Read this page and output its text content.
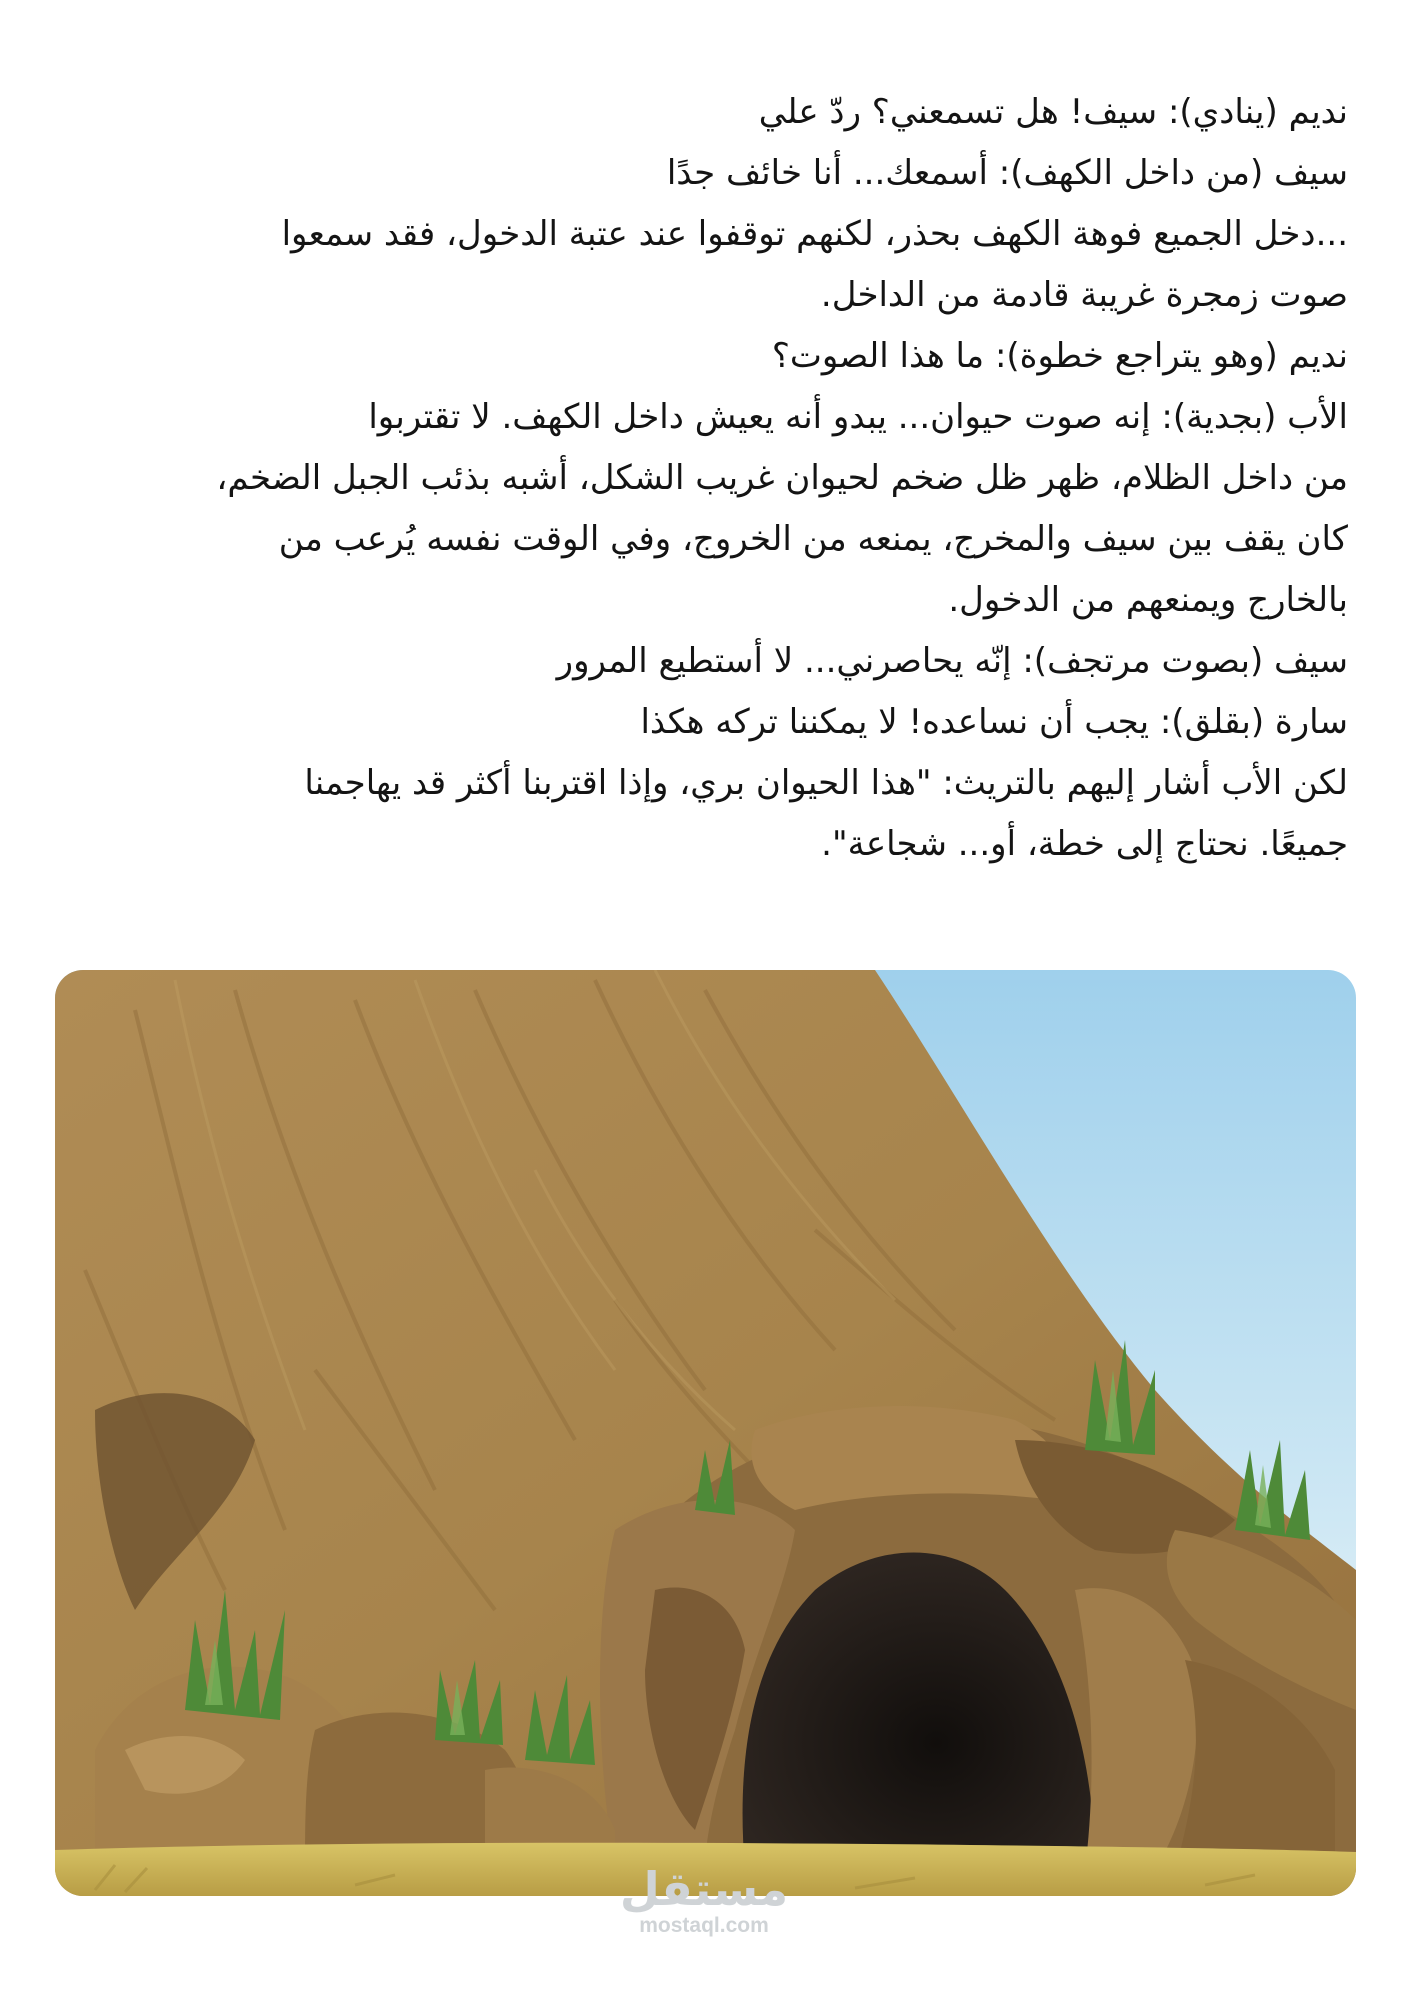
نديم (ينادي): سيف! هل تسمعني؟ ردّ علي
سيف (من داخل الكهف): أسمعك... أنا خائف جدًا
...دخل الجميع فوهة الكهف بحذر، لكنهم توقفوا عند عتبة الدخول، فقد سمعوا
صوت زمجرة غريبة قادمة من الداخل.
نديم (وهو يتراجع خطوة): ما هذا الصوت؟
الأب (بجدية): إنه صوت حيوان... يبدو أنه يعيش داخل الكهف. لا تقتربوا
من داخل الظلام، ظهر ظل ضخم لحيوان غريب الشكل، أشبه بذئب الجبل الضخم،
كان يقف بين سيف والمخرج، يمنعه من الخروج، وفي الوقت نفسه يُرعب من
بالخارج ويمنعهم من الدخول.
سيف (بصوت مرتجف): إنّه يحاصرني... لا أستطيع المرور
سارة (بقلق): يجب أن نساعده! لا يمكننا تركه هكذا
لكن الأب أشار إليهم بالتريث: "هذا الحيوان بري، وإذا اقتربنا أكثر قد يهاجمنا
جميعًا. نحتاج إلى خطة، أو... شجاعة".
مستقل
mostaql.com
